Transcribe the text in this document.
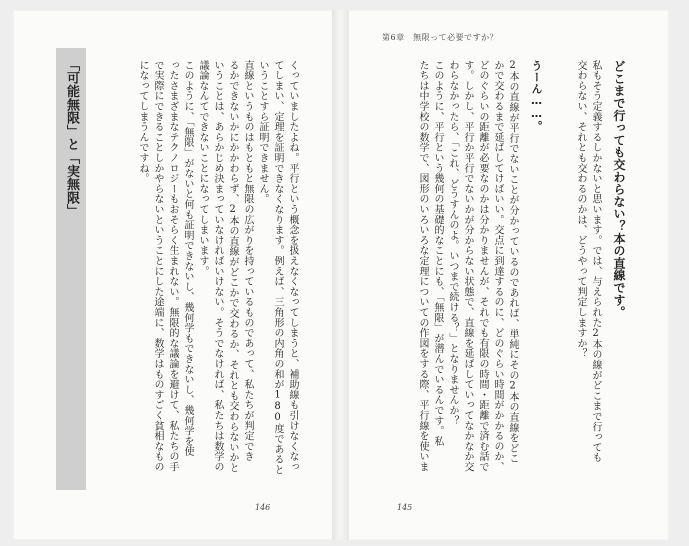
第6章　無限って必要ですか？
どこまで行っても交わらない？本の直線です。
私もそう定義するしかないと思います。では、与えられた2本の線がどこまで行っても
交わらない、それとも交わるのかは、どうやって判定しますか？
うーん……。
2本の直線が平行でないことが分かっているのであれば、単純にその2本の直線をどこ
かで交わるまで延ばしてけばいい。交点に到達するのに、どのぐらい時間がかかるのか、
どのぐらいの距離が必要なのかは分かりませんが、それでも有限の時間・距離で済む話で
す。しかし、平行か平行でないかが分からない状態で、直線を延ばしていってなかなか交
わらなかったら、「これ、どうすんのよ。いつまで続ける？」となりませんか？
このように、平行という幾何の基礎的なことにも、「無限」が潜んでいるんです。私
たちは中学校の数学で、図形のいろいろな定理についての作図をする際、平行線を使いま
145
「可能無限」と「実無限」	くっていましたよね。平行という概念を扱えなくなってしまうと、補助線も引けなくなっ
てしまい、定理を証明できなくなります。例えば、三角形の内角の和が180度であると
いうことすら証明できません。
直線というものはもともと無限の広がりを持っているものであって、私たちが判定でき
るかできないかにかかわらず、2本の直線がどこかで交わるか、それとも交わらないかと
いうことは、あらかじめ決まっていなければいけない。そうでなければ、私たちは数学の
議論なんてできないことになってしまいます。
このように、「無限」がないと何も証明できないし、幾何学もできないし、幾何学を使
ったさまざまなテクノロジーもおそらく生まれない。無限的な議論を避けて、私たちの手
で実際にできることしかやらないということにした途端に、数学はものすごく貧相なもの
になってしまうんですね。
146
